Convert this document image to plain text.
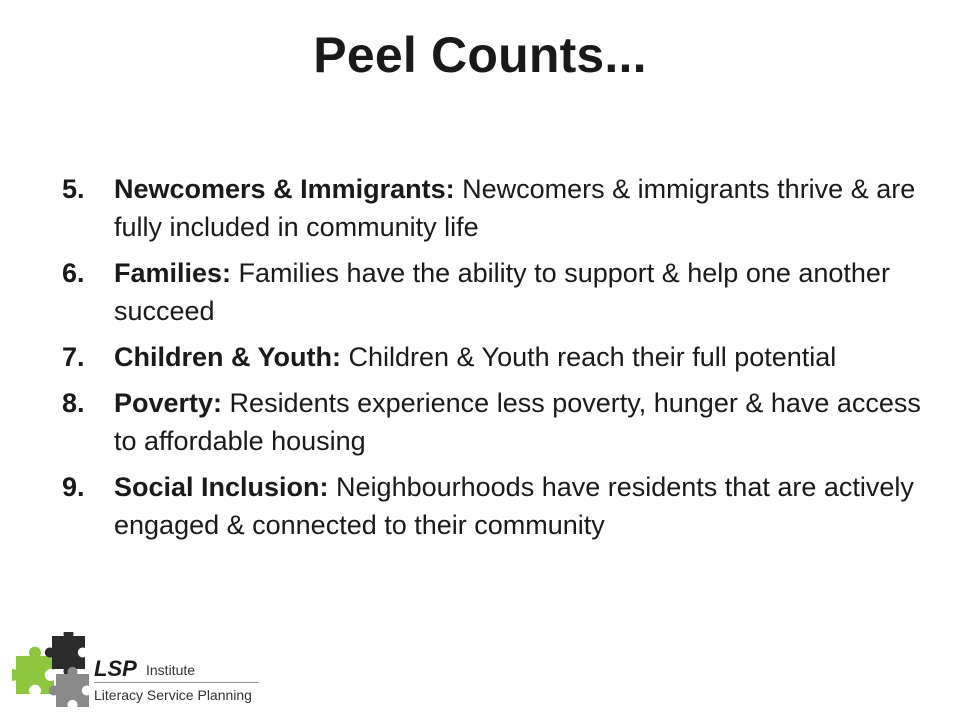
Peel Counts...
5.	Newcomers & Immigrants: Newcomers & immigrants thrive & are fully included in community life
6.	Families: Families have the ability to support & help one another succeed
7.	Children & Youth: Children & Youth reach their full potential
8.	Poverty: Residents experience less poverty, hunger & have access to affordable housing
9.	Social Inclusion: Neighbourhoods have residents that are actively engaged & connected to their community
LSP Institute
Literacy Service Planning
